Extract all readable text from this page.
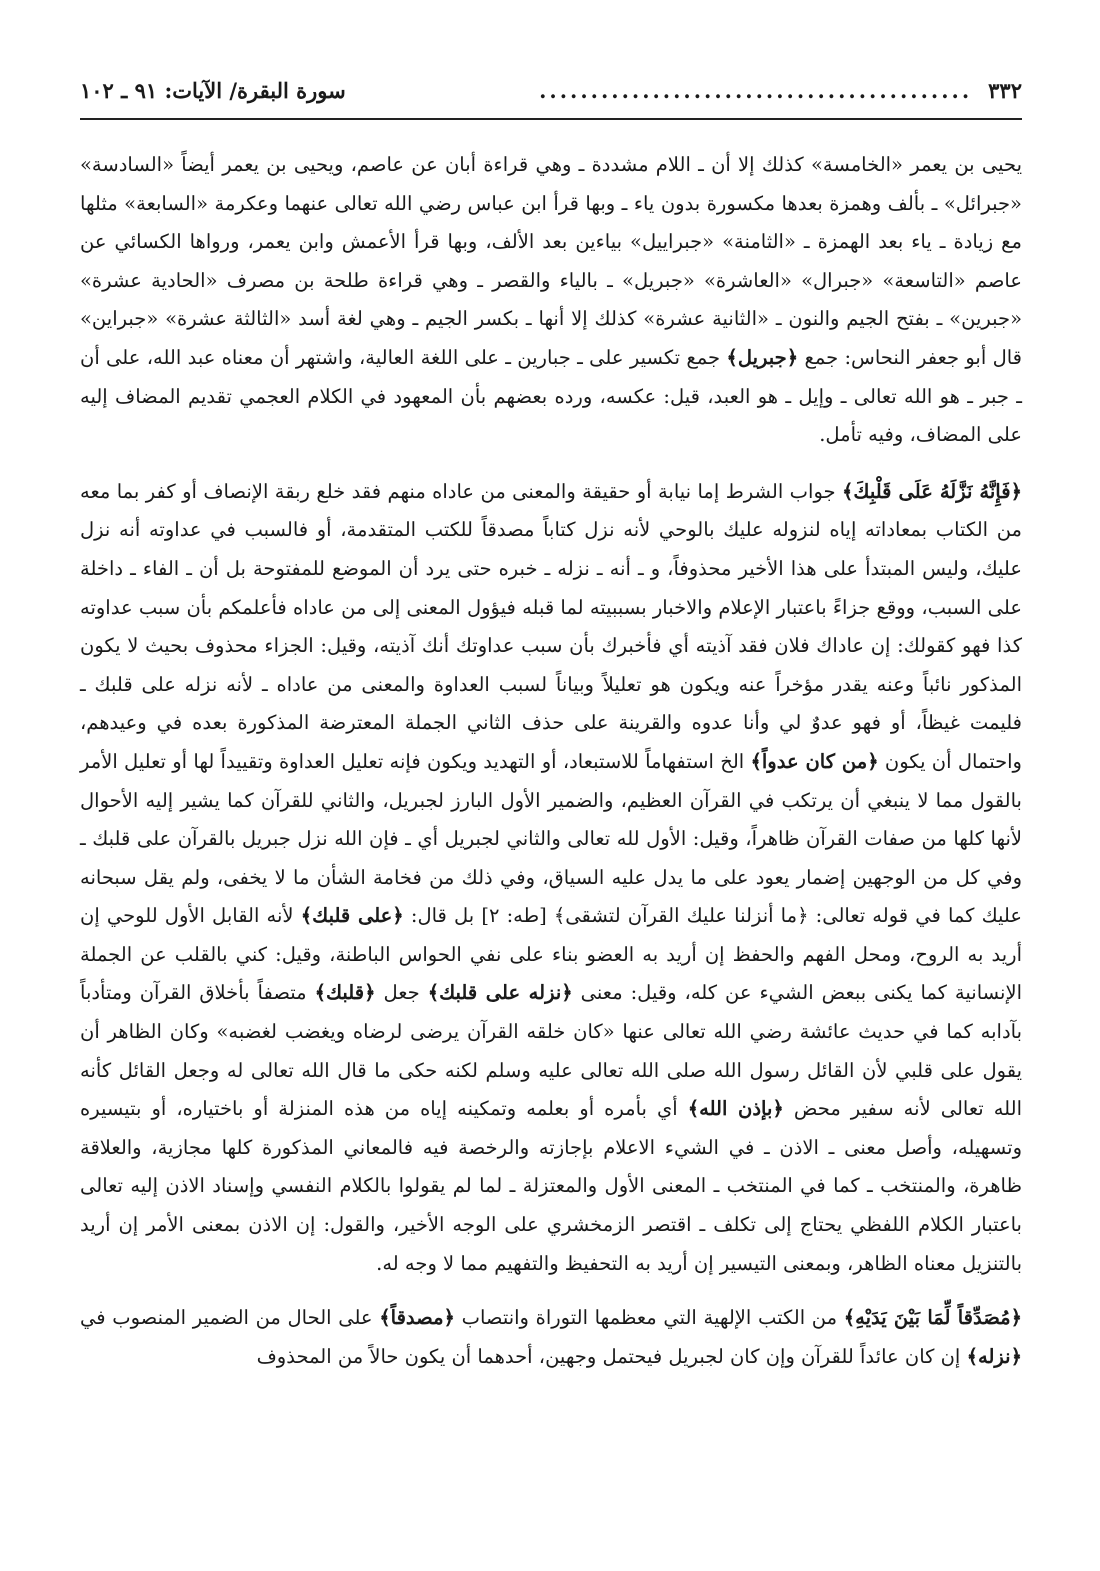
٣٣٢
..........................................
سورة البقرة/ الآيات: ٩١ ـ ١٠٢

يحيى بن يعمر «الخامسة» كذلك إلا أن ـ اللام مشددة ـ وهي قراءة أبان عن عاصم، ويحيى بن يعمر أيضاً «السادسة» «جبرائل» ـ بألف وهمزة بعدها مكسورة بدون ياء ـ وبها قرأ ابن عباس رضي الله تعالى عنهما وعكرمة «السابعة» مثلها مع زيادة ـ ياء بعد الهمزة ـ «الثامنة» «جبراييل» بياءين بعد الألف، وبها قرأ الأعمش وابن يعمر، ورواها الكسائي عن عاصم «التاسعة» «جبرال» «العاشرة» «جبريل» ـ بالياء والقصر ـ وهي قراءة طلحة بن مصرف «الحادية عشرة» «جبرين» ـ بفتح الجيم والنون ـ «الثانية عشرة» كذلك إلا أنها ـ بكسر الجيم ـ وهي لغة أسد «الثالثة عشرة» «جبراين» قال أبو جعفر النحاس: جمع ﴿جبريل﴾ جمع تكسير على ـ جبارين ـ على اللغة العالية، واشتهر أن معناه عبد الله، على أن ـ جبر ـ هو الله تعالى ـ وإيل ـ هو العبد، قيل: عكسه، ورده بعضهم بأن المعهود في الكلام العجمي تقديم المضاف إليه على المضاف، وفيه تأمل.

﴿فَإِنَّهُ نَزَّلَهُ عَلَى قَلْبِكَ﴾ جواب الشرط إما نيابة أو حقيقة والمعنى من عاداه منهم فقد خلع ربقة الإنصاف أو كفر بما معه من الكتاب بمعاداته إياه لنزوله عليك بالوحي لأنه نزل كتاباً مصدقاً للكتب المتقدمة، أو فالسبب في عداوته أنه نزل عليك، وليس المبتدأ على هذا الأخير محذوفاً، و ـ أنه ـ نزله ـ خبره حتى يرد أن الموضع للمفتوحة بل أن ـ الفاء ـ داخلة على السبب، ووقع جزاءً باعتبار الإعلام والاخبار بسببيته لما قبله فيؤول المعنى إلى من عاداه فأعلمكم بأن سبب عداوته كذا فهو كقولك: إن عاداك فلان فقد آذيته أي فأخبرك بأن سبب عداوتك أنك آذيته، وقيل: الجزاء محذوف بحيث لا يكون المذكور نائباً وعنه يقدر مؤخراً عنه ويكون هو تعليلاً وبياناً لسبب العداوة والمعنى من عاداه ـ لأنه نزله على قلبك ـ فليمت غيظاً، أو فهو عدوٌ لي وأنا عدوه والقرينة على حذف الثاني الجملة المعترضة المذكورة بعده في وعيدهم، واحتمال أن يكون ﴿من كان عدواً﴾ الخ استفهاماً للاستبعاد، أو التهديد ويكون فإنه تعليل العداوة وتقييداً لها أو تعليل الأمر بالقول مما لا ينبغي أن يرتكب في القرآن العظيم، والضمير الأول البارز لجبريل، والثاني للقرآن كما يشير إليه الأحوال لأنها كلها من صفات القرآن ظاهراً، وقيل: الأول لله تعالى والثاني لجبريل أي ـ فإن الله نزل جبريل بالقرآن على قلبك ـ وفي كل من الوجهين إضمار يعود على ما يدل عليه السياق، وفي ذلك من فخامة الشأن ما لا يخفى، ولم يقل سبحانه عليك كما في قوله تعالى: ﴿ما أنزلنا عليك القرآن لتشقى﴾ [طه: ٢] بل قال: ﴿على قلبك﴾ لأنه القابل الأول للوحي إن أريد به الروح، ومحل الفهم والحفظ إن أريد به العضو بناء على نفي الحواس الباطنة، وقيل: كني بالقلب عن الجملة الإنسانية كما يكنى ببعض الشيء عن كله، وقيل: معنى ﴿نزله على قلبك﴾ جعل ﴿قلبك﴾ متصفاً بأخلاق القرآن ومتأدباً بآدابه كما في حديث عائشة رضي الله تعالى عنها «كان خلقه القرآن يرضى لرضاه ويغضب لغضبه» وكان الظاهر أن يقول على قلبي لأن القائل رسول الله صلى الله تعالى عليه وسلم لكنه حكى ما قال الله تعالى له وجعل القائل كأنه الله تعالى لأنه سفير محض ﴿بإذن الله﴾ أي بأمره أو بعلمه وتمكينه إياه من هذه المنزلة أو باختياره، أو بتيسيره وتسهيله، وأصل معنى ـ الاذن ـ في الشيء الاعلام بإجازته والرخصة فيه فالمعاني المذكورة كلها مجازية، والعلاقة ظاهرة، والمنتخب ـ كما في المنتخب ـ المعنى الأول والمعتزلة ـ لما لم يقولوا بالكلام النفسي وإسناد الاذن إليه تعالى باعتبار الكلام اللفظي يحتاج إلى تكلف ـ اقتصر الزمخشري على الوجه الأخير، والقول: إن الاذن بمعنى الأمر إن أريد بالتنزيل معناه الظاهر، وبمعنى التيسير إن أريد به التحفيظ والتفهيم مما لا وجه له.

﴿مُصَدِّقاً لِّمَا بَيْنَ يَدَيْهِ﴾ من الكتب الإلهية التي معظمها التوراة وانتصاب ﴿مصدقاً﴾ على الحال من الضمير المنصوب في ﴿نزله﴾ إن كان عائداً للقرآن وإن كان لجبريل فيحتمل وجهين، أحدهما أن يكون حالاً من المحذوف
